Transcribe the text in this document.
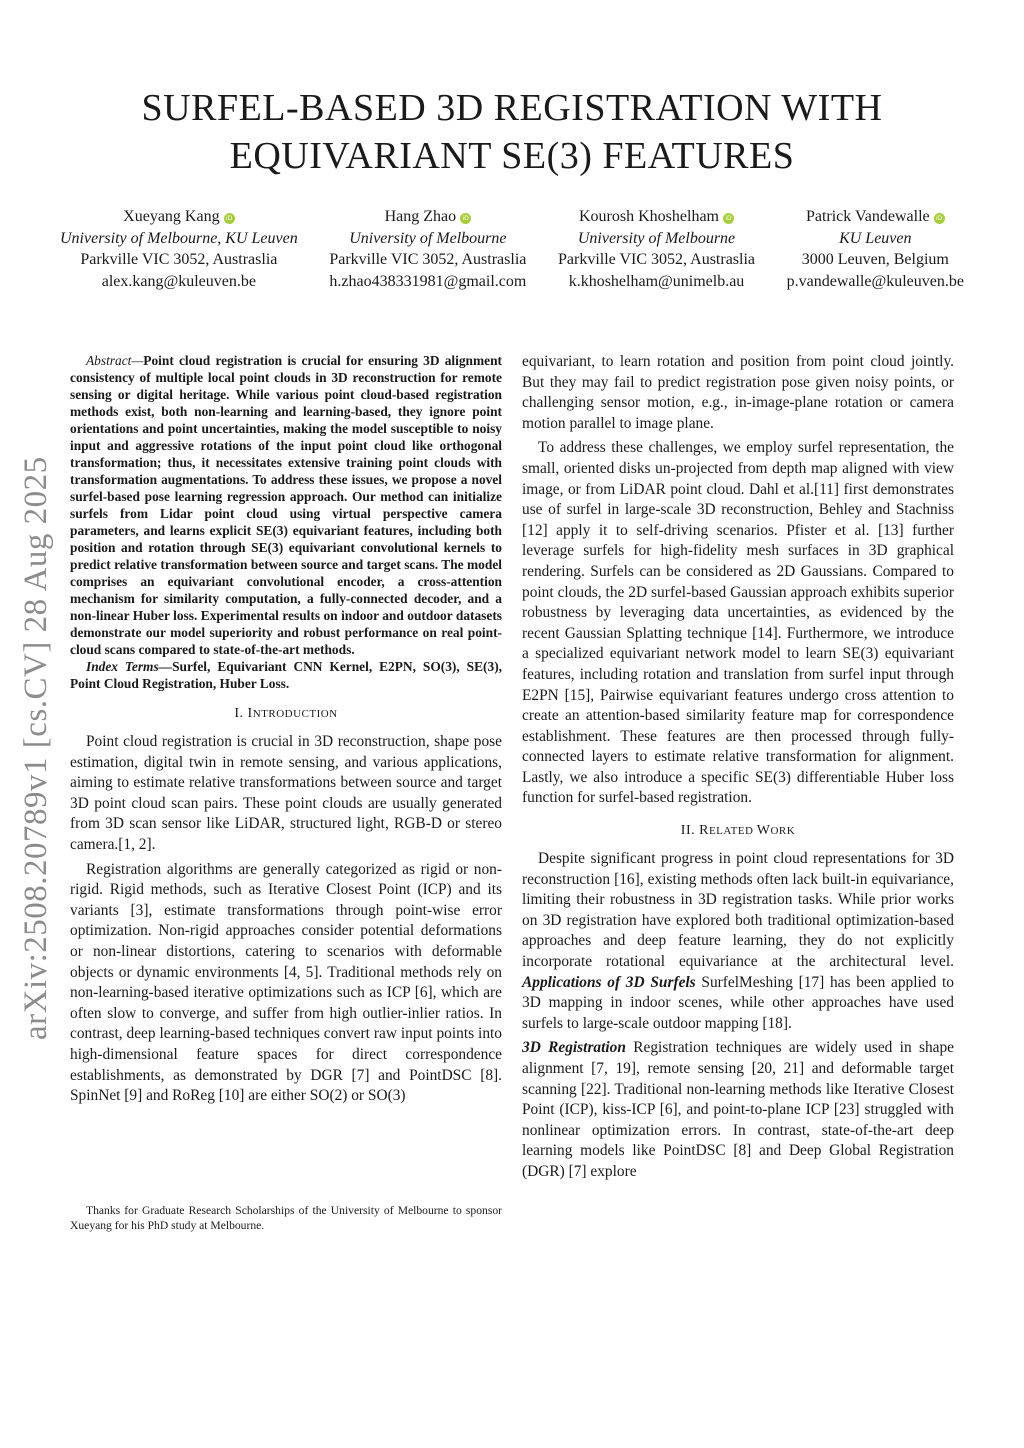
SURFEL-BASED 3D REGISTRATION WITH
EQUIVARIANT SE(3) FEATURES
Xueyang Kang iD
University of Melbourne, KU Leuven
Parkville VIC 3052, Austraslia
alex.kang@kuleuven.be
Hang Zhao iD
University of Melbourne
Parkville VIC 3052, Austraslia
h.zhao438331981@gmail.com
Kourosh Khoshelham iD
University of Melbourne
Parkville VIC 3052, Austraslia
k.khoshelham@unimelb.au
Patrick Vandewalle iD
KU Leuven
3000 Leuven, Belgium
p.vandewalle@kuleuven.be
arXiv:2508.20789v1 [cs.CV] 28 Aug 2025

Abstract—Point cloud registration is crucial for ensuring 3D alignment consistency of multiple local point clouds in 3D reconstruction for remote sensing or digital heritage. While various point cloud-based registration methods exist, both non-learning and learning-based, they ignore point orientations and point uncertainties, making the model susceptible to noisy input and aggressive rotations of the input point cloud like orthogonal transformation; thus, it necessitates extensive training point clouds with transformation augmentations. To address these issues, we propose a novel surfel-based pose learning regression approach. Our method can initialize surfels from Lidar point cloud using virtual perspective camera parameters, and learns explicit SE(3) equivariant features, including both position and rotation through SE(3) equivariant convolutional kernels to predict relative transformation between source and target scans. The model comprises an equivariant convolutional encoder, a cross-attention mechanism for similarity computation, a fully-connected decoder, and a non-linear Huber loss. Experimental results on indoor and outdoor datasets demonstrate our model superiority and robust performance on real point-cloud scans compared to state-of-the-art methods.

Index Terms—Surfel, Equivariant CNN Kernel, E2PN, SO(3), SE(3), Point Cloud Registration, Huber Loss.

I. INTRODUCTION

Point cloud registration is crucial in 3D reconstruction, shape pose estimation, digital twin in remote sensing, and various applications, aiming to estimate relative transformations between source and target 3D point cloud scan pairs. These point clouds are usually generated from 3D scan sensor like LiDAR, structured light, RGB-D or stereo camera.[1, 2].

Registration algorithms are generally categorized as rigid or non-rigid. Rigid methods, such as Iterative Closest Point (ICP) and its variants [3], estimate transformations through point-wise error optimization. Non-rigid approaches consider potential deformations or non-linear distortions, catering to scenarios with deformable objects or dynamic environments [4, 5]. Traditional methods rely on non-learning-based iterative optimizations such as ICP [6], which are often slow to converge, and suffer from high outlier-inlier ratios. In contrast, deep learning-based techniques convert raw input points into high-dimensional feature spaces for direct correspondence establishments, as demonstrated by DGR [7] and PointDSC [8]. SpinNet [9] and RoReg [10] are either SO(2) or SO(3)

Thanks for Graduate Research Scholarships of the University of Melbourne to sponsor Xueyang for his PhD study at Melbourne.

equivariant, to learn rotation and position from point cloud jointly. But they may fail to predict registration pose given noisy points, or challenging sensor motion, e.g., in-image-plane rotation or camera motion parallel to image plane.

To address these challenges, we employ surfel representation, the small, oriented disks un-projected from depth map aligned with view image, or from LiDAR point cloud. Dahl et al.[11] first demonstrates use of surfel in large-scale 3D reconstruction, Behley and Stachniss [12] apply it to self-driving scenarios. Pfister et al. [13] further leverage surfels for high-fidelity mesh surfaces in 3D graphical rendering. Surfels can be considered as 2D Gaussians. Compared to point clouds, the 2D surfel-based Gaussian approach exhibits superior robustness by leveraging data uncertainties, as evidenced by the recent Gaussian Splatting technique [14]. Furthermore, we introduce a specialized equivariant network model to learn SE(3) equivariant features, including rotation and translation from surfel input through E2PN [15], Pairwise equivariant features undergo cross attention to create an attention-based similarity feature map for correspondence establishment. These features are then processed through fully-connected layers to estimate relative transformation for alignment. Lastly, we also introduce a specific SE(3) differentiable Huber loss function for surfel-based registration.

II. RELATED WORK

Despite significant progress in point cloud representations for 3D reconstruction [16], existing methods often lack built-in equivariance, limiting their robustness in 3D registration tasks. While prior works on 3D registration have explored both traditional optimization-based approaches and deep feature learning, they do not explicitly incorporate rotational equivariance at the architectural level. Applications of 3D Surfels SurfelMeshing [17] has been applied to 3D mapping in indoor scenes, while other approaches have used surfels to large-scale outdoor mapping [18].

3D Registration Registration techniques are widely used in shape alignment [7, 19], remote sensing [20, 21] and deformable target scanning [22]. Traditional non-learning methods like Iterative Closest Point (ICP), kiss-ICP [6], and point-to-plane ICP [23] struggled with nonlinear optimization errors. In contrast, state-of-the-art deep learning models like PointDSC [8] and Deep Global Registration (DGR) [7] explore
